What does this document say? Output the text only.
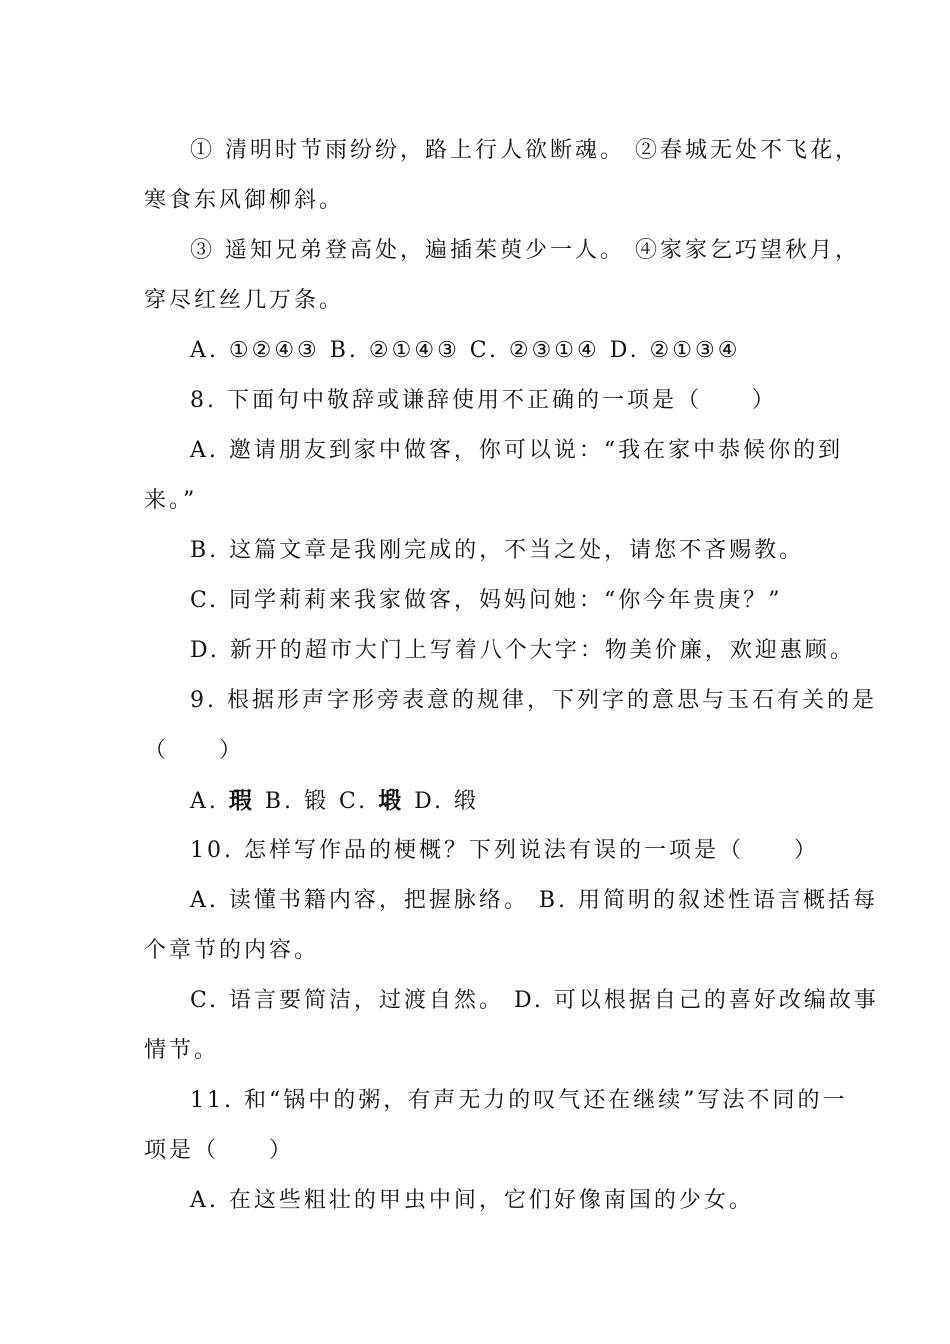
① 清明时节雨纷纷，路上行人欲断魂。 ②春城无处不飞花，
寒食东风御柳斜。
③ 遥知兄弟登高处，遍插茱萸少一人。 ④家家乞巧望秋月，
穿尽红丝几万条。
A. ①②④③ B. ②①④③ C. ②③①④ D. ②①③④
8. 下面句中敬辞或谦辞使用不正确的一项是（　　）
A. 邀请朋友到家中做客，你可以说：“我在家中恭候你的到
来。”
B. 这篇文章是我刚完成的，不当之处，请您不吝赐教。
C. 同学莉莉来我家做客，妈妈问她：“你今年贵庚？”
D. 新开的超市大门上写着八个大字：物美价廉，欢迎惠顾。
9. 根据形声字形旁表意的规律，下列字的意思与玉石有关的是
（　　）
A. 瑕 B. 锻 C. 塅 D. 缎
10. 怎样写作品的梗概？下列说法有误的一项是（　　）
A. 读懂书籍内容，把握脉络。 B. 用简明的叙述性语言概括每
个章节的内容。
C. 语言要简洁，过渡自然。 D. 可以根据自己的喜好改编故事
情节。
11. 和“锅中的粥，有声无力的叹气还在继续”写法不同的一
项是（　　）
A. 在这些粗壮的甲虫中间，它们好像南国的少女。
